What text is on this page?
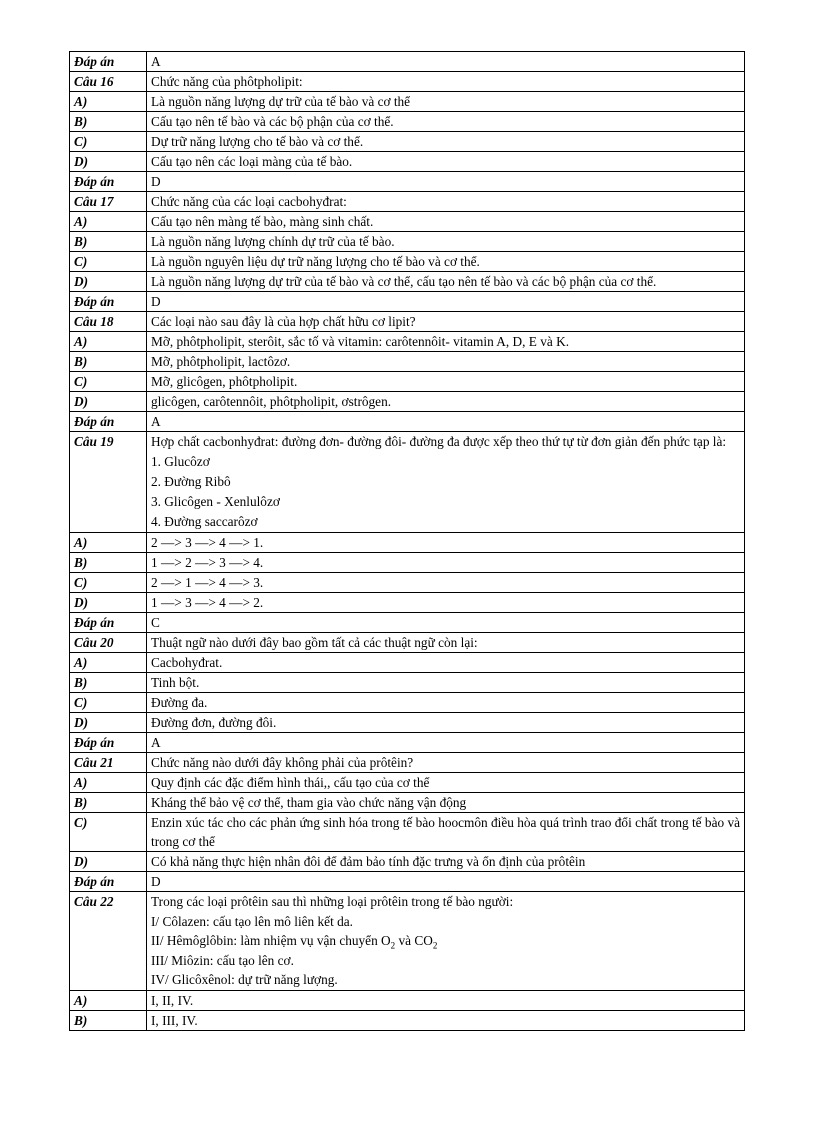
Đáp án	A
Câu 16	Chức năng của phôtpholipit:
A)	Là nguồn năng lượng dự trữ của tế bào và cơ thể
B)	Cấu tạo nên tế bào và các bộ phận của cơ thể.
C)	Dự trữ năng lượng cho tế bào và cơ thể.
D)	Cấu tạo nên các loại màng của tế bào.
Đáp án	D
Câu 17	Chức năng của các loại cacbohyđrat:
A)	Cấu tạo nên màng tế bào, màng sinh chất.
B)	Là nguồn năng lượng chính dự trữ của tế bào.
C)	Là nguồn nguyên liệu dự trữ năng lượng cho tế bào và cơ thể.
D)	Là nguồn năng lượng dự trữ của tế bào và cơ thể, cấu tạo nên tế bào và các bộ phận của cơ thể.
Đáp án	D
Câu 18	Các loại nào sau đây là của hợp chất hữu cơ lipit?
A)	Mỡ, phôtpholipit, sterôit, sắc tố và vitamin: carôtennôit- vitamin A, D, E và K.
B)	Mỡ, phôtpholipit, lactôzơ.
C)	Mỡ, glicôgen, phôtpholipit.
D)	glicôgen, carôtennôit, phôtpholipit, ơstrôgen.
Đáp án	A
Câu 19	Hợp chất cacbonhyđrat: đường đơn- đường đôi- đường đa được xếp theo thứ tự từ đơn giản đến phức tạp là:
1. Glucôzơ
2. Đường Ribô
3. Glicôgen - Xenlulôzơ
4. Đường saccarôzơ

A)	2 —> 3 —> 4 —> 1.
B)	1 —> 2 —> 3 —> 4.
C)	2 —> 1 —> 4 —> 3.
D)	1 —> 3 —> 4 —> 2.
Đáp án	C
Câu 20	Thuật ngữ nào dưới đây bao gồm tất cả các thuật ngữ còn lại:
A)	Cacbohyđrat.
B)	Tinh bột.
C)	Đường đa.
D)	Đường đơn, đường đôi.
Đáp án	A
Câu 21	Chức năng nào dưới đây không phải của prôtêin?
A)	Quy định các đặc điểm hình thái,, cấu tạo của cơ thể
B)	Kháng thể bảo vệ cơ thể, tham gia vào chức năng vận động
C)	Enzin xúc tác cho các phản ứng sinh hóa trong tế bào hoocmôn điều hòa quá trình trao đổi chất trong tế bào và trong cơ thể
D)	Có khả năng thực hiện nhân đôi để đảm bảo tính đặc trưng và ổn định của prôtêin
Đáp án	D
Câu 22	Trong các loại prôtêin sau thì những loại prôtêin trong tế bào người:
I/ Côlazen: cấu tạo lên mô liên kết da.
II/ Hêmôglôbin: làm nhiệm vụ vận chuyển $O_2$ và $CO_2$
III/ Miôzin: cấu tạo lên cơ.
IV/ Glicôxênol: dự trữ năng lượng.

A)	I, II, IV.
B)	I, III, IV.
